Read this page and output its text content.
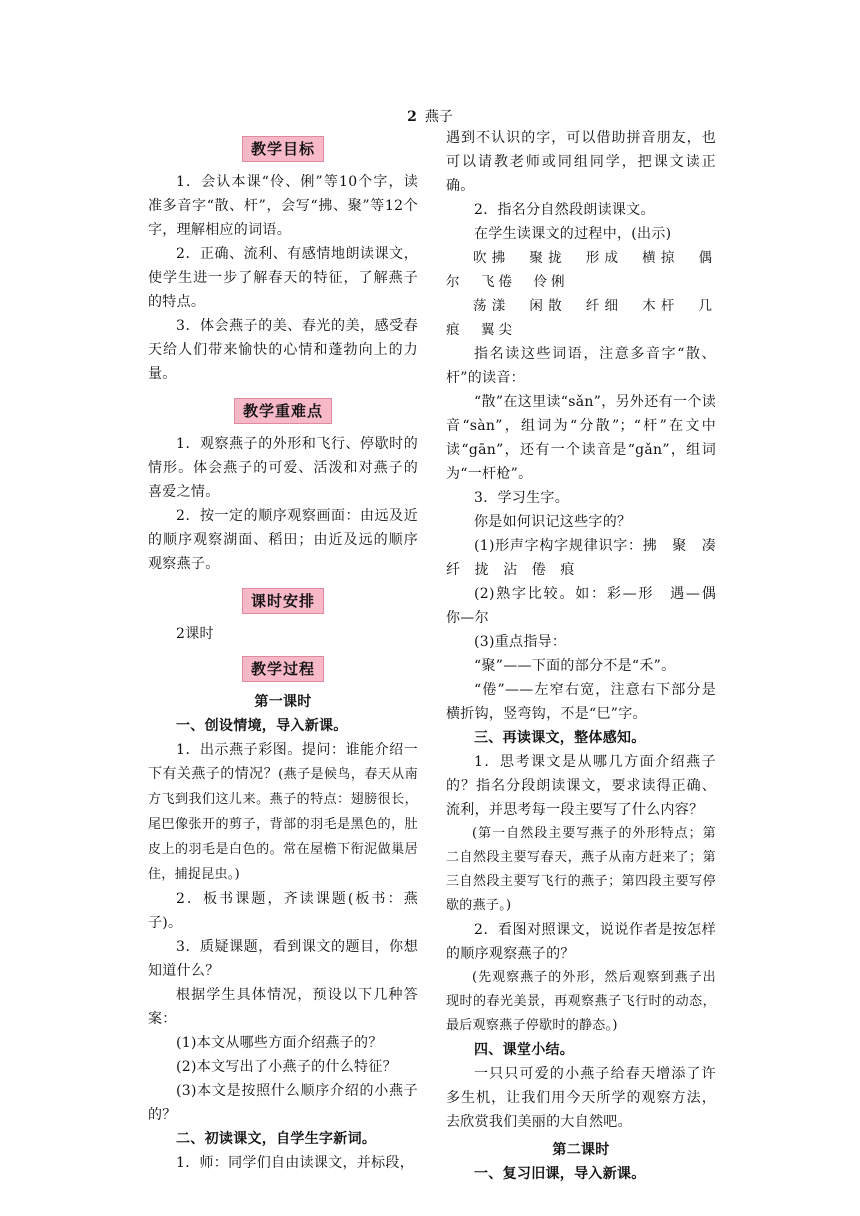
2 燕子
教学目标

1．会认本课“伶、俐”等10个字，读准多音字“散、杆”，会写“拂、聚”等12个字，理解相应的词语。

2．正确、流利、有感情地朗读课文，使学生进一步了解春天的特征，了解燕子的特点。

3．体会燕子的美、春光的美，感受春天给人们带来愉快的心情和蓬勃向上的力量。

教学重难点

1．观察燕子的外形和飞行、停歇时的情形。体会燕子的可爱、活泼和对燕子的喜爱之情。

2．按一定的顺序观察画面：由远及近的顺序观察湖面、稻田；由近及远的顺序观察燕子。

课时安排

2课时

教学过程

第一课时

一、创设情境，导入新课。

1．出示燕子彩图。提问：谁能介绍一下有关燕子的情况？(燕子是候鸟，春天从南方飞到我们这儿来。燕子的特点：翅膀很长，尾巴像张开的剪子，背部的羽毛是黑色的，肚皮上的羽毛是白色的。常在屋檐下衔泥做巢居住，捕捉昆虫。)

2．板书课题，齐读课题(板书：燕子)。

3．质疑课题，看到课文的题目，你想知道什么？

根据学生具体情况，预设以下几种答案：

(1)本文从哪些方面介绍燕子的？

(2)本文写出了小燕子的什么特征？

(3)本文是按照什么顺序介绍的小燕子的？

二、初读课文，自学生字新词。

1．师：同学们自由读课文，并标段，

遇到不认识的字，可以借助拼音朋友，也可以请教老师或同组同学，把课文读正确。

2．指名分自然段朗读课文。

在学生读课文的过程中，(出示)

吹拂　聚拢　形成　横掠　偶尔　飞倦　伶俐

荡漾　闲散　纤细　木杆　几痕　翼尖

指名读这些词语，注意多音字“散、杆”的读音：

“散”在这里读“sǎn”，另外还有一个读音“sàn”，组词为“分散”；“杆”在文中读“gān”，还有一个读音是“gǎn”，组词为“一杆枪”。

3．学习生字。

你是如何识记这些字的？

(1)形声字构字规律识字：拂　聚　凑　纤　拢　沾　倦　痕

(2)熟字比较。如：彩—形　遇—偶　你—尔

(3)重点指导：

“聚”——下面的部分不是“禾”。

“倦”——左窄右宽，注意右下部分是横折钩，竖弯钩，不是“巳”字。

三、再读课文，整体感知。

1．思考课文是从哪几方面介绍燕子的？指名分段朗读课文，要求读得正确、流利，并思考每一段主要写了什么内容？

(第一自然段主要写燕子的外形特点；第二自然段主要写春天，燕子从南方赶来了；第三自然段主要写飞行的燕子；第四段主要写停歇的燕子。)

2．看图对照课文，说说作者是按怎样的顺序观察燕子的？

(先观察燕子的外形，然后观察到燕子出现时的春光美景，再观察燕子飞行时的动态，最后观察燕子停歇时的静态。)

四、课堂小结。

一只只可爱的小燕子给春天增添了许多生机，让我们用今天所学的观察方法，去欣赏我们美丽的大自然吧。

第二课时

一、复习旧课，导入新课。
